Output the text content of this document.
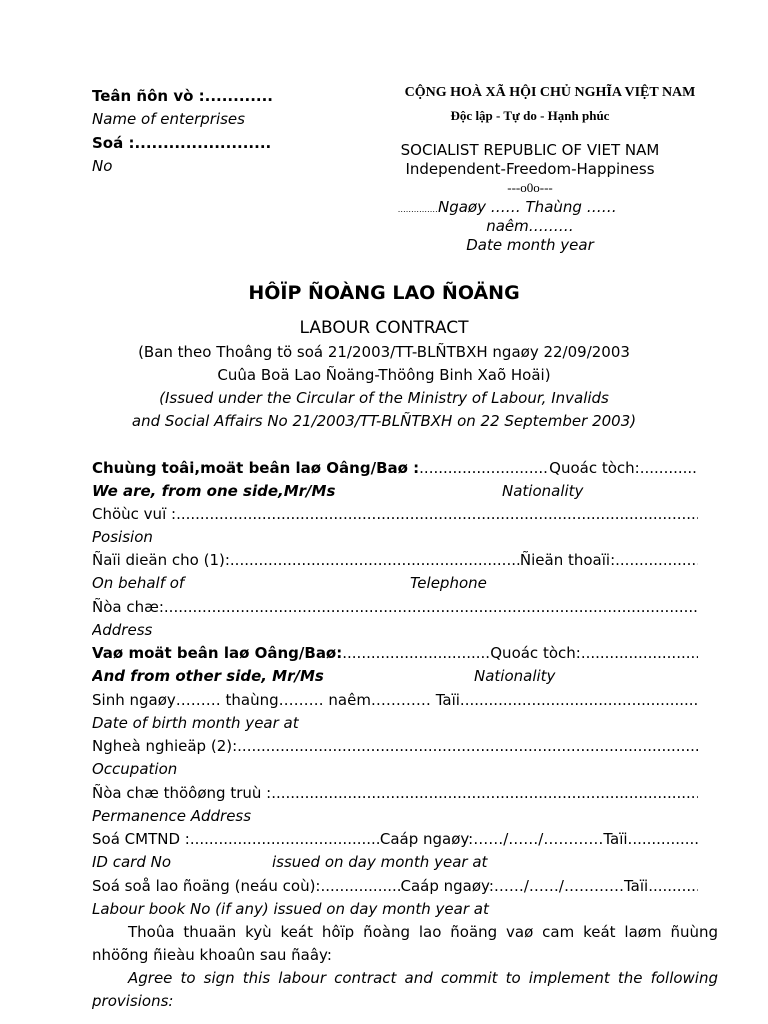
Teân ñôn vò :............
Name of enterprises
Soá :........................
No
CỘNG HOÀ XÃ HỘI CHỦ NGHĨA VIỆT NAM
Độc lập - Tự do - Hạnh phúc
SOCIALIST REPUBLIC OF VIET NAM
Independent-Freedom-Happiness
---o0o---
……………Ngaøy …… Thaùng ……
naêm………
Date month year
HÔÏP ÑOÀNG LAO ÑOÄNG
LABOUR CONTRACT
(Ban theo Thoâng tö soá 21/2003/TT-BLÑTBXH ngaøy 22/09/2003
Cuûa Boä Lao Ñoäng-Thöông Binh Xaõ Hoäi)
(Issued under the Circular of the Ministry of Labour, Invalids
and Social Affairs No 21/2003/TT-BLÑTBXH on 22 September 2003)
Chuùng toâi,moät beân laø Oâng/Baø : .....	Quoác tòch:
.....
We are, from one side,Mr/Ms	Nationality
Chöùc vuï :
.....
Posision
Ñaïi dieän cho (1): .....	Ñieän thoaïi:
.....
On behalf of	Telephone
Ñòa chæ:
.....
Address
Vaø moät beân laø Oâng/Baø: .....	Quoác tòch:
.....
And from other side, Mr/Ms	Nationality
Sinh ngaøy……… thaùng……… naêm………… Taïi
.....
Date of birth month year at
Ngheà nghieäp (2):
.....
Occupation
Ñòa chæ thöôøng truù :
.....
Permanence Address
Soá CMTND : .....	Caáp ngaøy:……/……/…………Taïi
.....
ID card No	issued on day month year at
Soá soå lao ñoäng (neáu coù): .....	Caáp ngaøy:……/……/…………Taïi
.....
Labour book No (if any) issued on day month year at
Thoûa thuaän kyù keát hôïp ñoàng lao ñoäng vaø cam keát laøm ñuùng nhöõng ñieàu khoaûn sau ñaây:
Agree to sign this labour contract and commit to implement the following provisions:
